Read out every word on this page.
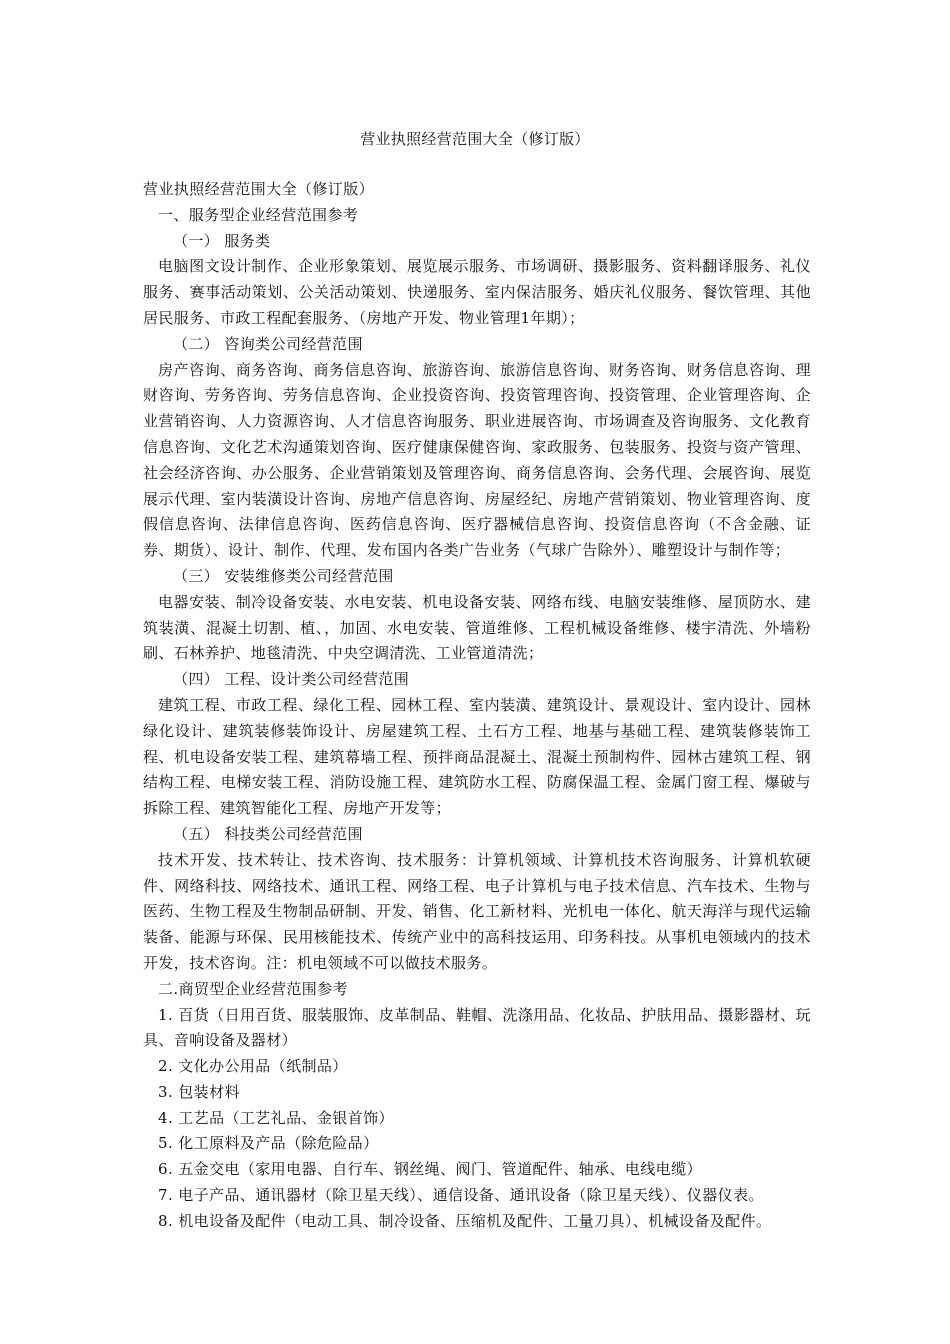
营业执照经营范围大全（修订版）

营业执照经营范围大全（修订版）

一、服务型企业经营范围参考

（一） 服务类

电脑图文设计制作、企业形象策划、展览展示服务、市场调研、摄影服务、资料翻译服务、礼仪服务、赛事活动策划、公关活动策划、快递服务、室内保洁服务、婚庆礼仪服务、餐饮管理、其他居民服务、市政工程配套服务、（房地产开发、物业管理1年期）；

（二） 咨询类公司经营范围

房产咨询、商务咨询、商务信息咨询、旅游咨询、旅游信息咨询、财务咨询、财务信息咨询、理财咨询、劳务咨询、劳务信息咨询、企业投资咨询、投资管理咨询、投资管理、企业管理咨询、企业营销咨询、人力资源咨询、人才信息咨询服务、职业进展咨询、市场调查及咨询服务、文化教育信息咨询、文化艺术沟通策划咨询、医疗健康保健咨询、家政服务、包装服务、投资与资产管理、社会经济咨询、办公服务、企业营销策划及管理咨询、商务信息咨询、会务代理、会展咨询、展览展示代理、室内装潢设计咨询、房地产信息咨询、房屋经纪、房地产营销策划、物业管理咨询、度假信息咨询、法律信息咨询、医药信息咨询、医疗器械信息咨询、投资信息咨询（不含金融、证券、期货）、设计、制作、代理、发布国内各类广告业务（气球广告除外）、雕塑设计与制作等；

（三） 安装维修类公司经营范围

电器安装、制冷设备安装、水电安装、机电设备安装、网络布线、电脑安装维修、屋顶防水、建筑装潢、混凝土切割、植、，加固、水电安装、管道维修、工程机械设备维修、楼宇清洗、外墙粉刷、石林养护、地毯清洗、中央空调清洗、工业管道清洗；

（四） 工程、设计类公司经营范围

建筑工程、市政工程、绿化工程、园林工程、室内装潢、建筑设计、景观设计、室内设计、园林绿化设计、建筑装修装饰设计、房屋建筑工程、土石方工程、地基与基础工程、建筑装修装饰工程、机电设备安装工程、建筑幕墙工程、预拌商品混凝土、混凝土预制构件、园林古建筑工程、钢结构工程、电梯安装工程、消防设施工程、建筑防水工程、防腐保温工程、金属门窗工程、爆破与拆除工程、建筑智能化工程、房地产开发等；

（五） 科技类公司经营范围

技术开发、技术转让、技术咨询、技术服务：计算机领域、计算机技术咨询服务、计算机软硬件、网络科技、网络技术、通讯工程、网络工程、电子计算机与电子技术信息、汽车技术、生物与医药、生物工程及生物制品研制、开发、销售、化工新材料、光机电一体化、航天海洋与现代运输装备、能源与环保、民用核能技术、传统产业中的高科技运用、印务科技。从事机电领域内的技术开发，技术咨询。注：机电领域不可以做技术服务。

二.商贸型企业经营范围参考

1. 百货（日用百货、服装服饰、皮革制品、鞋帽、洗涤用品、化妆品、护肤用品、摄影器材、玩具、音响设备及器材）

2. 文化办公用品（纸制品）

3. 包装材料

4. 工艺品（工艺礼品、金银首饰）

5. 化工原料及产品（除危险品）

6. 五金交电（家用电器、自行车、钢丝绳、阀门、管道配件、轴承、电线电缆）

7. 电子产品、通讯器材（除卫星天线）、通信设备、通讯设备（除卫星天线）、仪器仪表。

8. 机电设备及配件（电动工具、制冷设备、压缩机及配件、工量刀具）、机械设备及配件。
